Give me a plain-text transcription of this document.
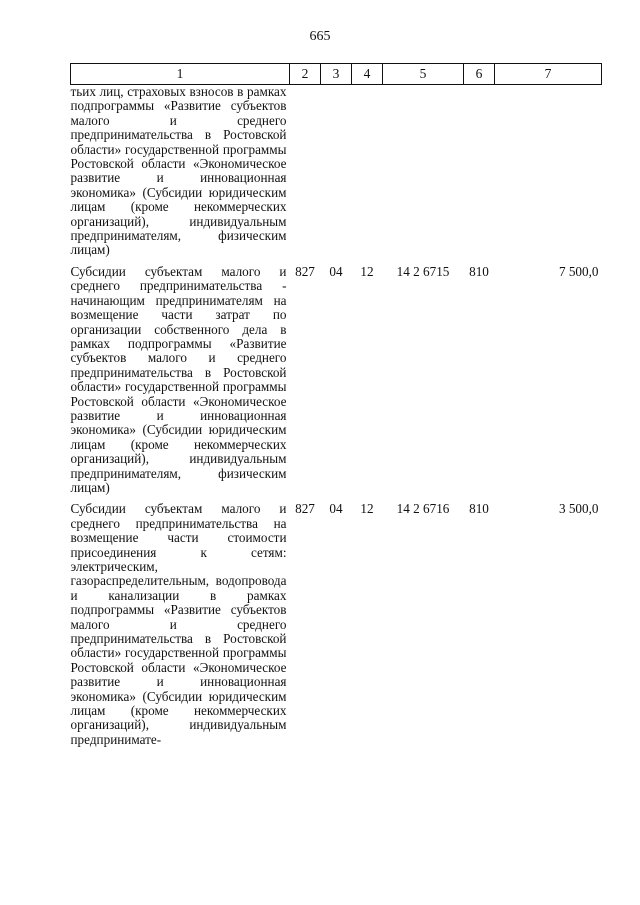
665
1	2	3	4	5	6	7
тьих лиц, страховых взносов в рамках подпрограммы «Развитие субъектов малого и среднего предпринимательства в Ростовской области» государственной программы Ростовской области «Экономическое развитие и инновационная экономика» (Субсидии юридическим лицам (кроме некоммерческих организаций), индивидуальным предпринимателям, физическим лицам)						
Субсидии субъектам малого и среднего предпринимательства - начинающим предпринимателям на возмещение части затрат по организации собственного дела в рамках подпрограммы «Развитие субъектов малого и среднего предпринимательства в Ростовской области» государственной программы Ростовской области «Экономическое развитие и инновационная экономика» (Субсидии юридическим лицам (кроме некоммерческих организаций), индивидуальным предпринимателям, физическим лицам)	827	04	12	14 2 6715	810	7 500,0
Субсидии субъектам малого и среднего предпринимательства на возмещение части стоимости присоединения к сетям: электрическим, газораспределительным, водопровода и канализации в рамках подпрограммы «Развитие субъектов малого и среднего предпринимательства в Ростовской области» государственной программы Ростовской области «Экономическое развитие и инновационная экономика» (Субсидии юридическим лицам (кроме некоммерческих организаций), индивидуальным предпринимате-	827	04	12	14 2 6716	810	3 500,0
